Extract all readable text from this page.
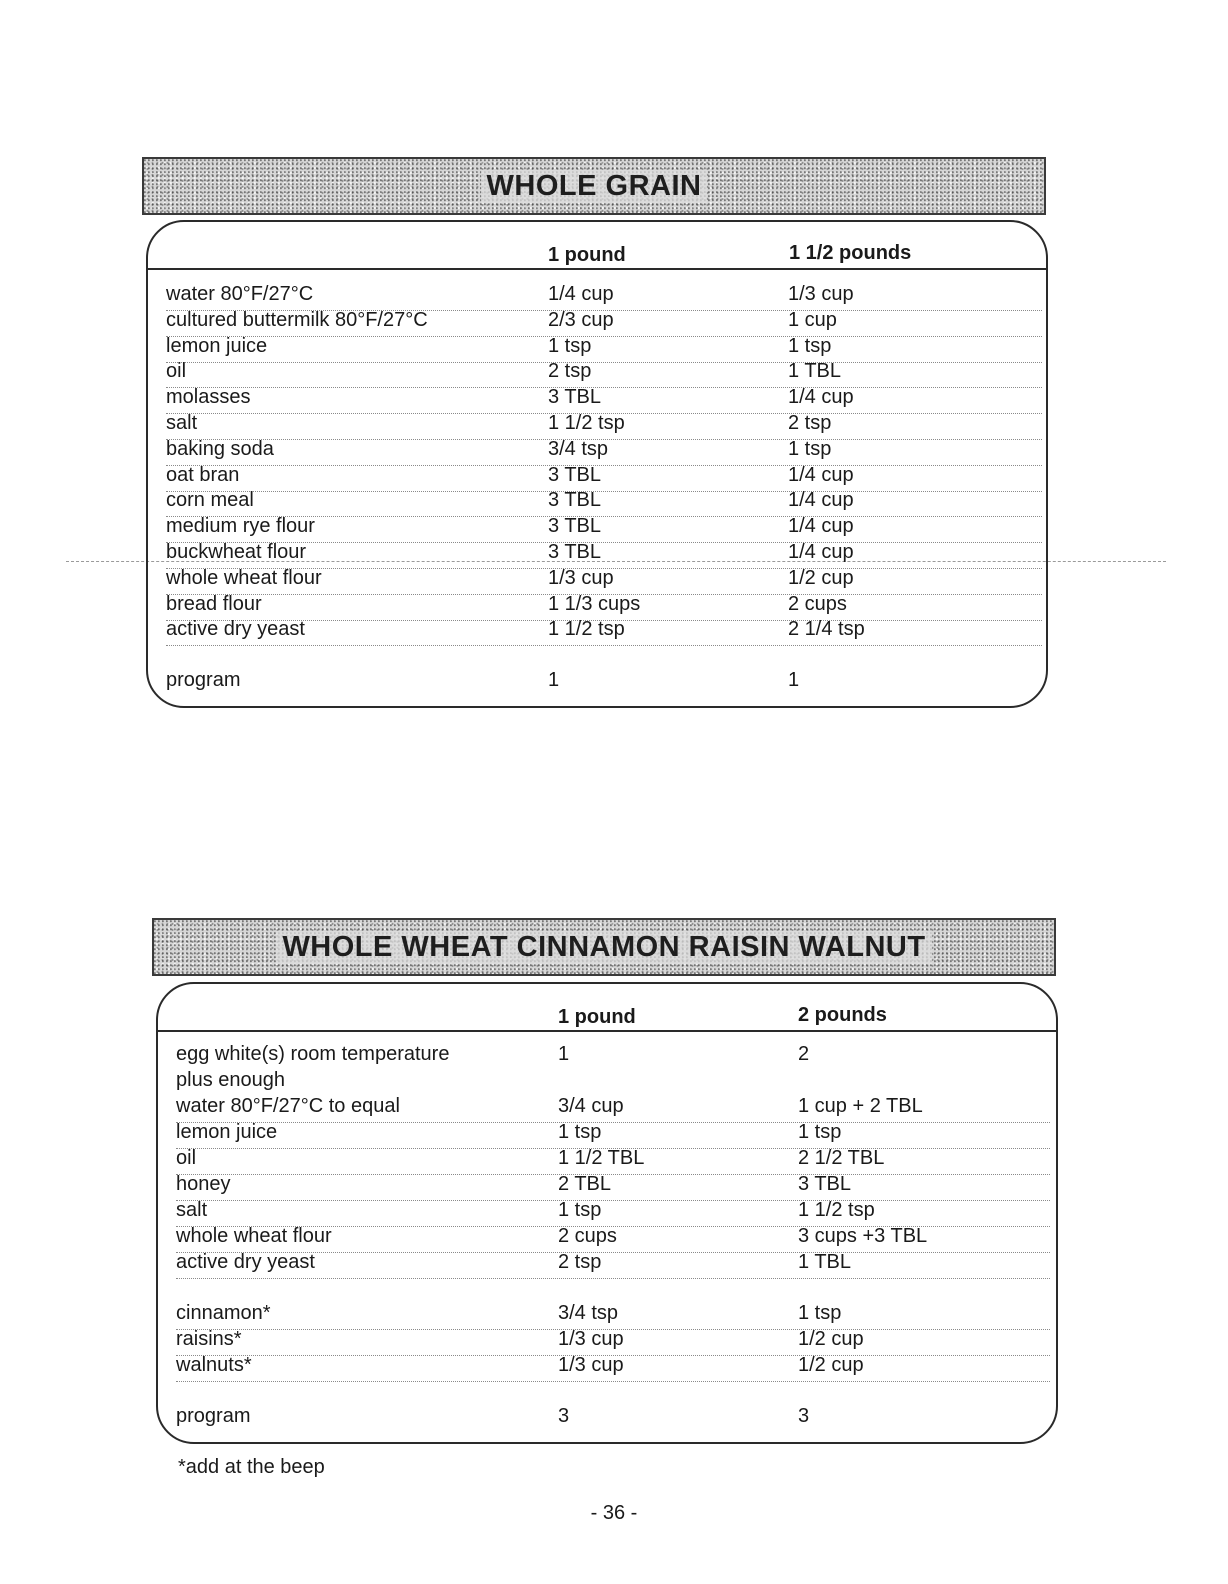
WHOLE GRAIN
1 pound	1 1/2 pounds
water 80°F/27°C	1/4 cup	1/3 cup
cultured buttermilk 80°F/27°C	2/3 cup	1 cup
lemon juice	1 tsp	1 tsp
oil	2 tsp	1 TBL
molasses	3 TBL	1/4 cup
salt	1 1/2 tsp	2 tsp
baking soda	3/4 tsp	1 tsp
oat bran	3 TBL	1/4 cup
corn meal	3 TBL	1/4 cup
medium rye flour	3 TBL	1/4 cup
buckwheat flour	3 TBL	1/4 cup
whole wheat flour	1/3 cup	1/2 cup
bread flour	1 1/3 cups	2 cups
active dry yeast	1 1/2 tsp	2 1/4 tsp
program	1	1
WHOLE WHEAT CINNAMON RAISIN WALNUT
1 pound	2 pounds
egg white(s) room temperature	1	2
plus enough
water 80°F/27°C to equal	3/4 cup	1 cup + 2 TBL
lemon juice	1 tsp	1 tsp
oil	1 1/2 TBL	2 1/2 TBL
honey	2 TBL	3 TBL
salt	1 tsp	1 1/2 tsp
whole wheat flour	2 cups	3 cups +3 TBL
active dry yeast	2 tsp	1 TBL
cinnamon*	3/4 tsp	1 tsp
raisins*	1/3 cup	1/2 cup
walnuts*	1/3 cup	1/2 cup
program	3	3
*add at the beep
- 36 -
